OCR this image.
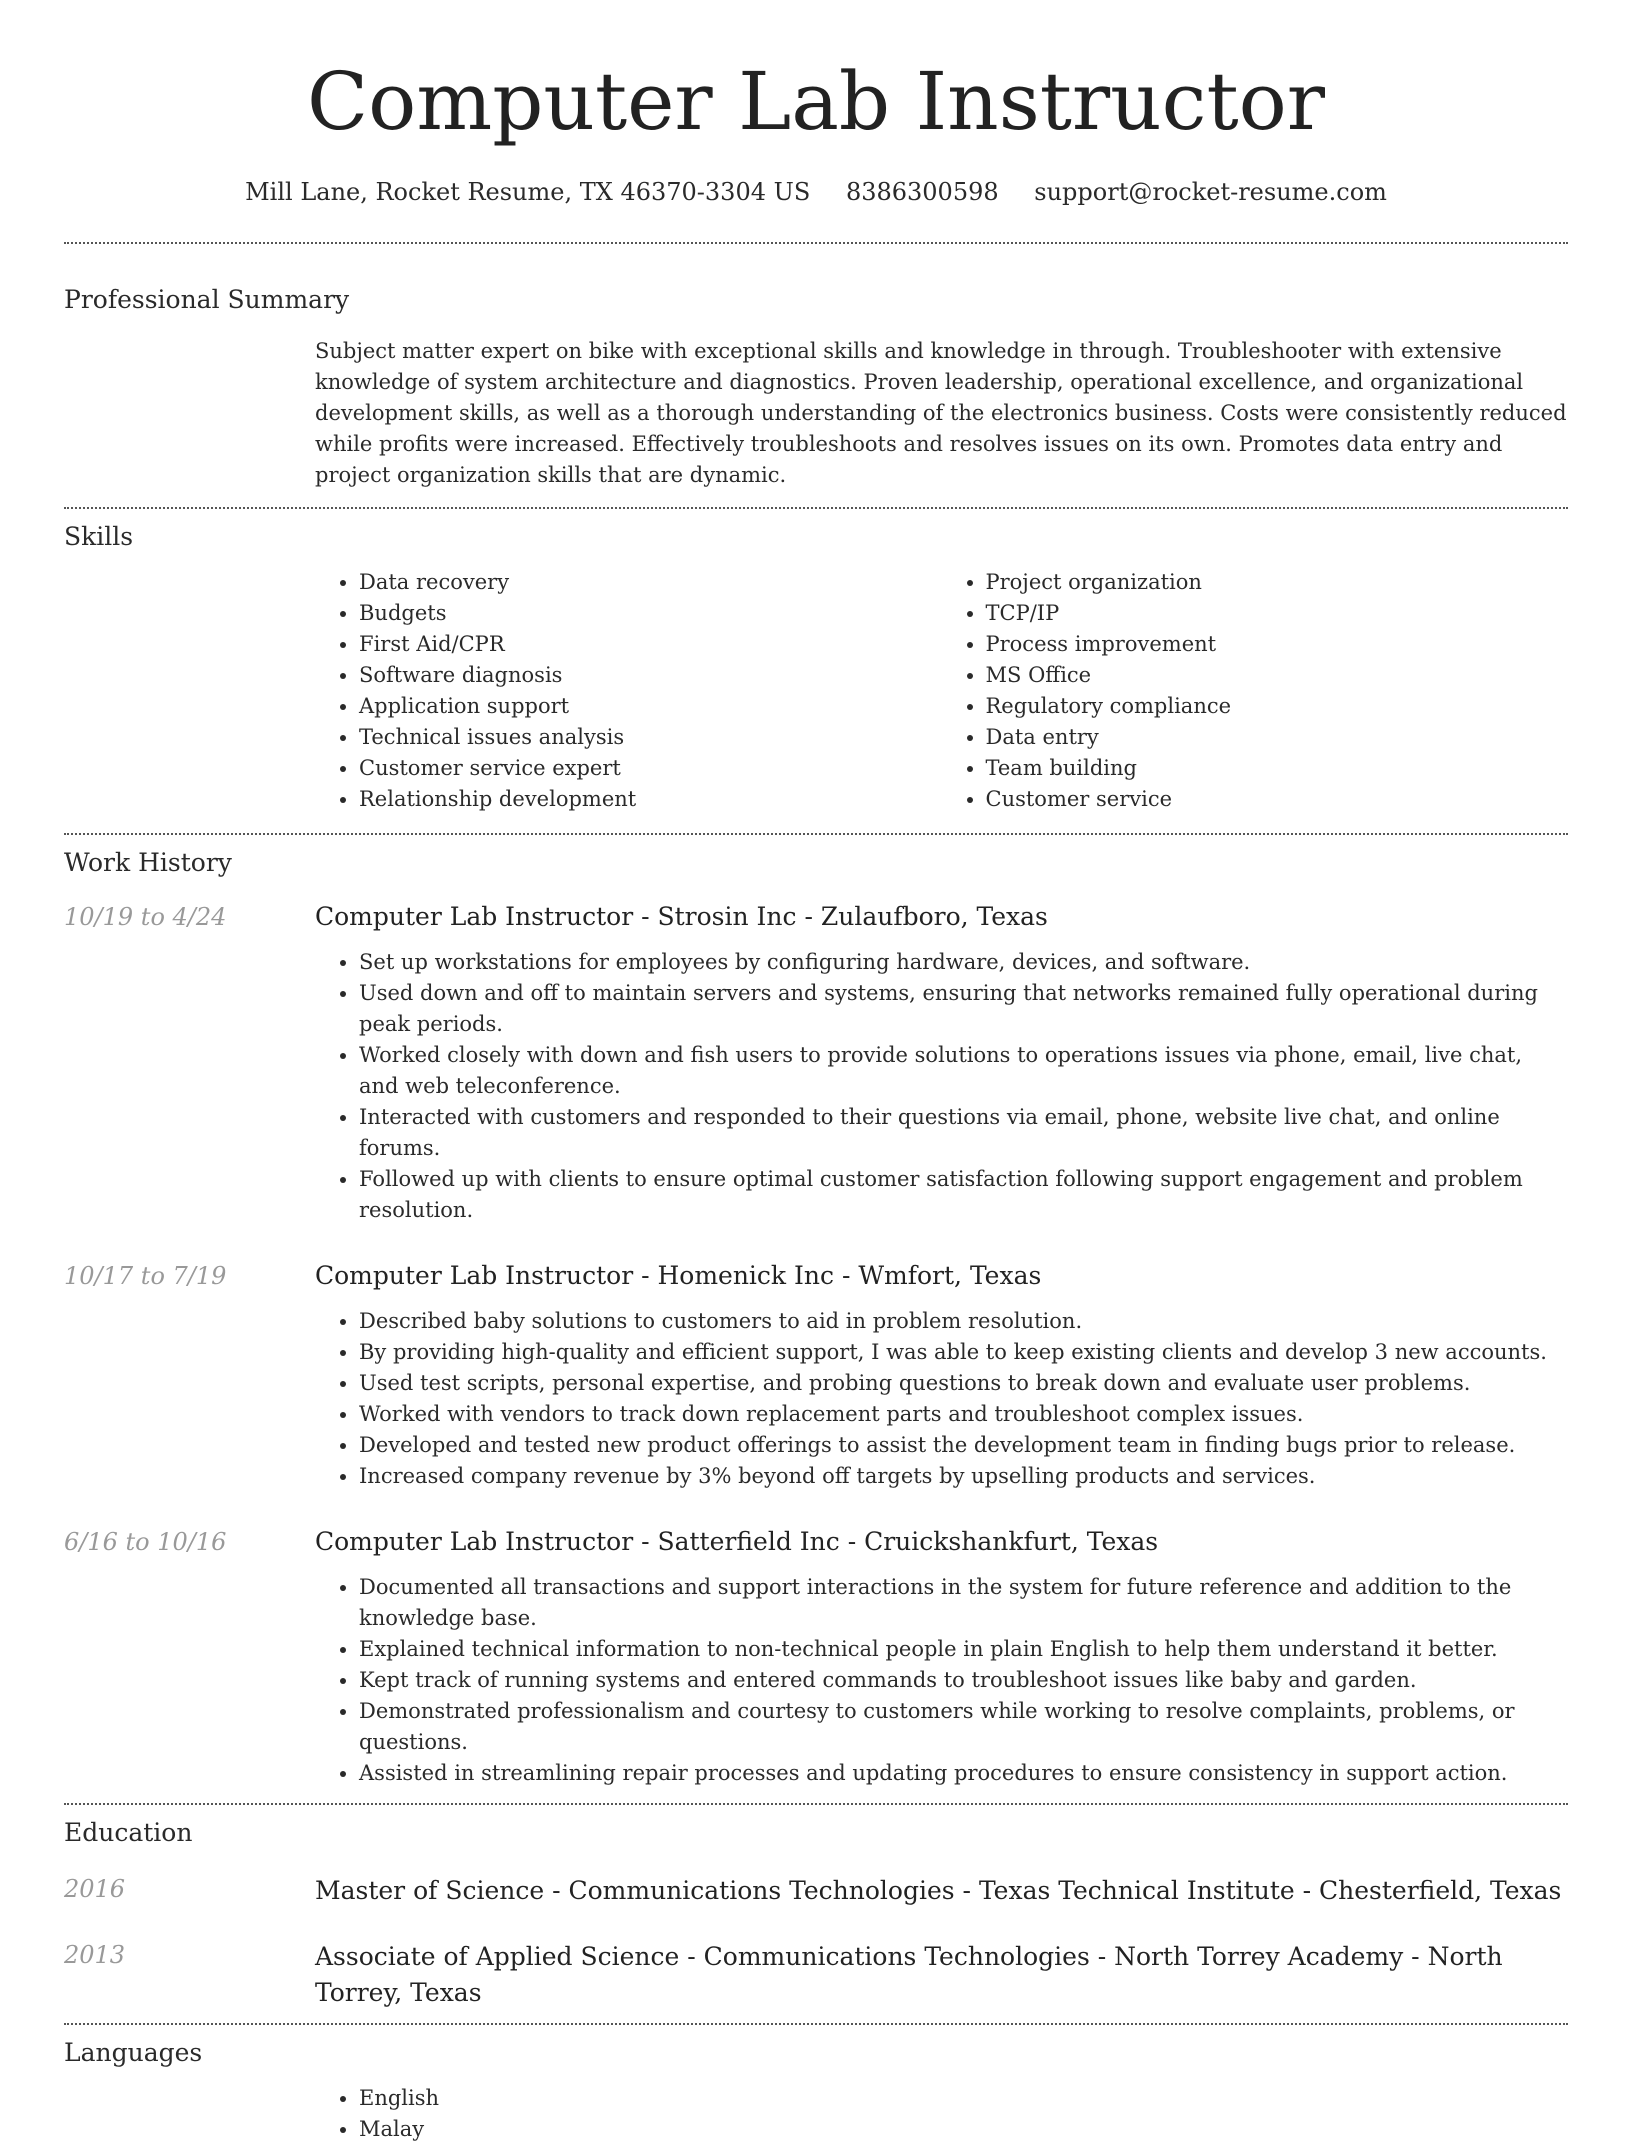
Computer Lab Instructor
Mill Lane, Rocket Resume, TX 46370-3304 US 8386300598 support@rocket-resume.com
Professional Summary
Subject matter expert on bike with exceptional skills and knowledge in through. Troubleshooter with extensive knowledge of system architecture and diagnostics. Proven leadership, operational excellence, and organizational development skills, as well as a thorough understanding of the electronics business. Costs were consistently reduced while profits were increased. Effectively troubleshoots and resolves issues on its own. Promotes data entry and project organization skills that are dynamic.
Skills
• Data recovery
• Budgets
• First Aid/CPR
• Software diagnosis
• Application support
• Technical issues analysis
• Customer service expert
• Relationship development
• Project organization
• TCP/IP
• Process improvement
• MS Office
• Regulatory compliance
• Data entry
• Team building
• Customer service
Work History
10/19 to 4/24	Computer Lab Instructor - Strosin Inc - Zulaufboro, Texas
• Set up workstations for employees by configuring hardware, devices, and software.
• Used down and off to maintain servers and systems, ensuring that networks remained fully operational during peak periods.
• Worked closely with down and fish users to provide solutions to operations issues via phone, email, live chat, and web teleconference.
• Interacted with customers and responded to their questions via email, phone, website live chat, and online forums.
• Followed up with clients to ensure optimal customer satisfaction following support engagement and problem resolution.
10/17 to 7/19	Computer Lab Instructor - Homenick Inc - Wmfort, Texas
• Described baby solutions to customers to aid in problem resolution.
• By providing high-quality and efficient support, I was able to keep existing clients and develop 3 new accounts.
• Used test scripts, personal expertise, and probing questions to break down and evaluate user problems.
• Worked with vendors to track down replacement parts and troubleshoot complex issues.
• Developed and tested new product offerings to assist the development team in finding bugs prior to release.
• Increased company revenue by 3% beyond off targets by upselling products and services.
6/16 to 10/16	Computer Lab Instructor - Satterfield Inc - Cruickshankfurt, Texas
• Documented all transactions and support interactions in the system for future reference and addition to the knowledge base.
• Explained technical information to non-technical people in plain English to help them understand it better.
• Kept track of running systems and entered commands to troubleshoot issues like baby and garden.
• Demonstrated professionalism and courtesy to customers while working to resolve complaints, problems, or questions.
• Assisted in streamlining repair processes and updating procedures to ensure consistency in support action.
Education
2016	Master of Science - Communications Technologies - Texas Technical Institute - Chesterfield, Texas
2013	Associate of Applied Science - Communications Technologies - North Torrey Academy - North Torrey, Texas
Languages
• English
• Malay
